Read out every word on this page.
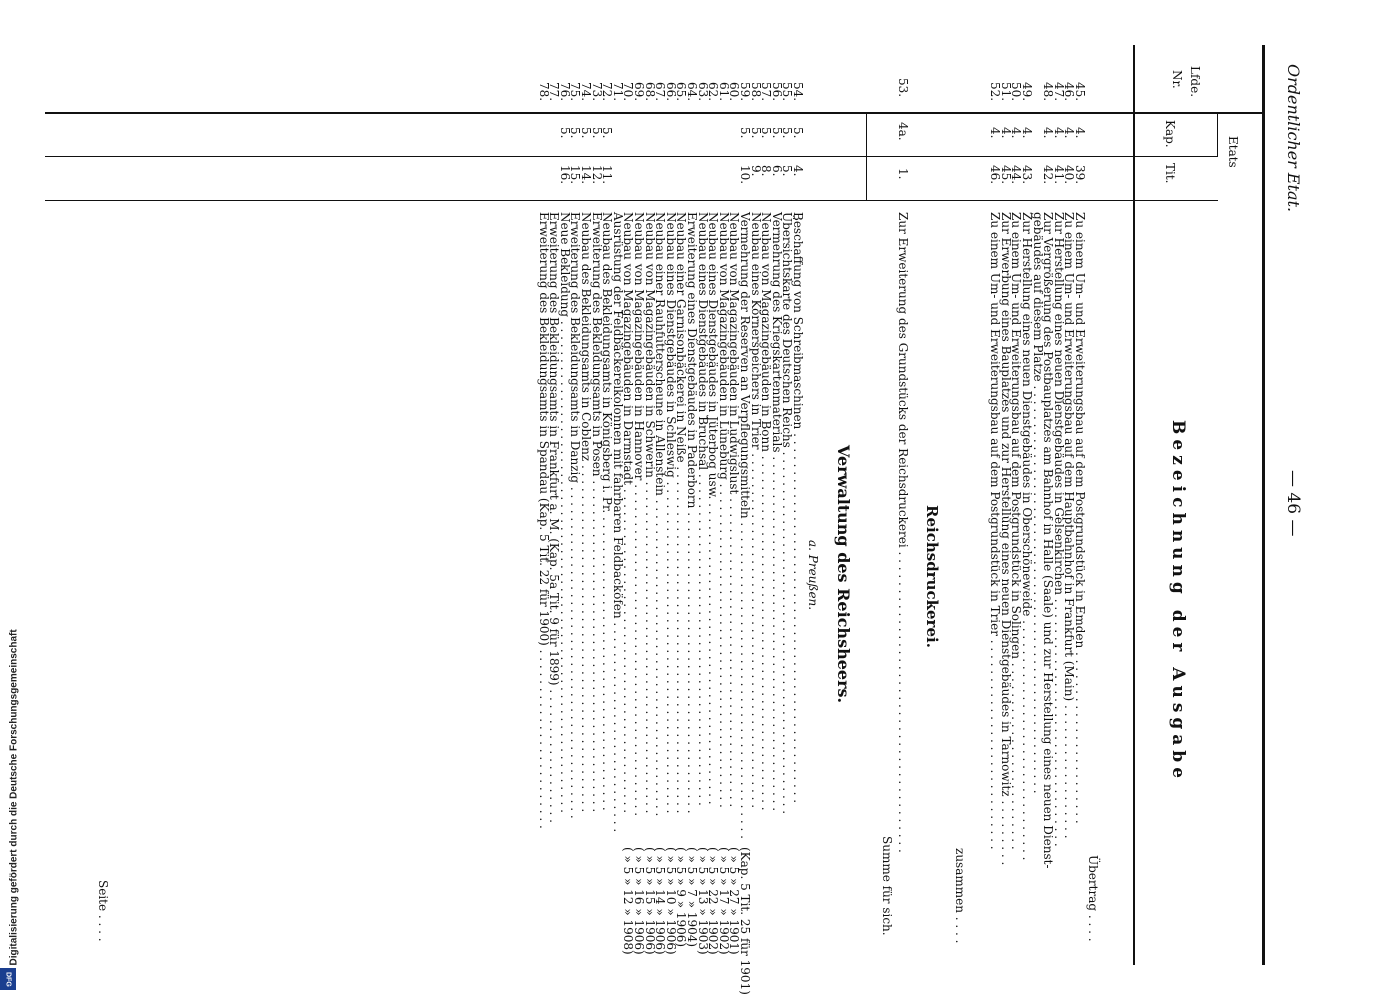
Digitalisierung gefördert durch die Deutsche Forschungsgemeinschaft
DFG
Ordentlicher Etat.
— 46 —
Lfde.
Nr.
Etats
Kap.
Tit.
Bezeichnung der Ausgabe
Übertrag . . . .
45.
46.
47.
48.
49.
50.
51.
52.
4.
4.
4.
4.
4.
4.
4.
4.
39.
40.
41.
42.
43.
44.
45.
46.
Zu einem Um- und Erweiterungsbau auf dem Postgrundstück in Emden . . . . . . . . . . . . . . . . . . . . . . .
Zu einem Um- und Erweiterungsbau auf dem Hauptbahnhof in Frankfurt (Main) . . . . . . . . . . . . . . . . . .
Zur Herstellung eines neuen Dienstgebäudes in Gelsenkirchen . . . . . . . . . . . . . . . . . . . . . . . . . . . . . . . . .
Zur Vergrößerung des Postbauplatzes am Bahnhof in Halle (Saale) und zur Herstellung eines neuen Dienst-
gebäudes auf diesem Platze . . . . . . . . . . . . . . . . . . . . . . . . . . . . . . . . . . . . . . . . . . . . . . . . . . . . . .
Zur Herstellung eines neuen Dienstgebäudes in Oberschöneweide . . . . . . . . . . . . . . . . . . . . . . . . . . . . . . . .
Zu einem Um- und Erweiterungsbau auf dem Postgrundstück in Solingen . . . . . . . . . . . . . . . . . . . . . . . . .
Zur Erwerbung eines Bauplatzes und zur Herstellung eines neuen Dienstgebäudes in Tarnowitz . . . . . . . . .
Zu einem Um- und Erweiterungsbau auf dem Postgrundstück in Trier . . . . . . . . . . . . . . . . . . . . . . . . . . . .
zusammen . . . .
Reichsdruckerei.
53.
4a.
1.
Zur Erweiterung des Grundstücks der Reichsdruckerei . . . . . . . . . . . . . . . . . . . . . . . . . . . . . . . . . . . . . . . .
Summe für sich.
Verwaltung des Reichsheers.
a. Preußen.
54.
55.
56.
57.
58.
59.
60.
61.
62.
63.
64.
65.
66.
67.
68.
69.
70.
71.
72.
73.
74.
75.
76.
77.
78.
5.
5.
5.
5.
5.
5.
5.
5.
5.
5.
5.
4.
5.
6.
8.
9.
10.
11.
12.
14.
15.
16.
Beschaffung von Schreibmaschinen . . . . . . . . . . . . . . . . . . . . . . . . . . . . . . . . . . . . . . . . . . . . . . . . .
Übersichtskarte des Deutschen Reichs . . . . . . . . . . . . . . . . . . . . . . . . . . . . . . . . . . . . . . . . . . . . . . . .
Vermehrung des Kriegskartenmaterials . . . . . . . . . . . . . . . . . . . . . . . . . . . . . . . . . . . . . . . . . . . . . . .
Neubau von Magazingebäuden in Bonn . . . . . . . . . . . . . . . . . . . . . . . . . . . . . . . . . . . . . . . . . . . . . . .
Neubau eines Körnerspeichers in Trier . . . . . . . . . . . . . . . . . . . . . . . . . . . . . . . . . . . . . . . . . . . . . . .
Vermehrung der Reserven an Verpflegungsmitteln . . . . . . . . . . . . . . . . . . . . . . . . . . . . . . . . . . . . . . . . . .
(Kap. 5 Tit. 25 für 1901)
Neubau von Magazingebäuden in Ludwigslust . . . . . . . . . . . . . . . . . . . . . . . . . . . . . . . . . . . . . . . . .
( » 5 » 27 » 1901)
Neubau von Magazingebäuden in Lüneburg . . . . . . . . . . . . . . . . . . . . . . . . . . . . . . . . . . . . . . . . . . .
( » 5 » 17 » 1902)
Neubau eines Dienstgebäudes in Jüterbog usw. . . . . . . . . . . . . . . . . . . . . . . . . . . . . . . . . . . . . . . . .
( » 5 » 22 » 1902)
Neubau eines Dienstgebäudes in Bruchsal . . . . . . . . . . . . . . . . . . . . . . . . . . . . . . . . . . . . . . . . . . . .
( » 5 » 13 » 1903)
Erweiterung eines Dienstgebäudes in Paderborn . . . . . . . . . . . . . . . . . . . . . . . . . . . . . . . . . . . . . . . .
( » 5 » 7 » 1904)
Neubau einer Garnisonbäckerei in Neiße . . . . . . . . . . . . . . . . . . . . . . . . . . . . . . . . . . . . . . . . . . . . . .
( » 5 » 9 » 1906)
Neubau eines Dienstgebäudes in Schleswig . . . . . . . . . . . . . . . . . . . . . . . . . . . . . . . . . . . . . . . . . . . .
( » 5 » 10 » 1906)
Neubau einer Rauhfutterscheune in Allenstein . . . . . . . . . . . . . . . . . . . . . . . . . . . . . . . . . . . . . . . . . .
( » 5 » 14 » 1906)
Neubau von Magazingebäuden in Schwerin . . . . . . . . . . . . . . . . . . . . . . . . . . . . . . . . . . . . . . . . . . . .
( » 5 » 15 » 1906)
Neubau von Magazingebäuden in Hannover . . . . . . . . . . . . . . . . . . . . . . . . . . . . . . . . . . . . . . . . . . . .
( » 5 » 16 » 1906)
Neubau von Magazingebäuden in Darmstadt . . . . . . . . . . . . . . . . . . . . . . . . . . . . . . . . . . . . . . . . . . .
( » 5 » 12 » 1908)
Ausrüstung der Feldbäckereikolonnen mit fahrbaren Feldbacköfen . . . . . . . . . . . . . . . . . . . . . . . . . . . .
Neubau des Bekleidungsamts in Königsberg i. Pr. . . . . . . . . . . . . . . . . . . . . . . . . . . . . . . . . . . . . . . .
Erweiterung des Bekleidungsamts in Posen . . . . . . . . . . . . . . . . . . . . . . . . . . . . . . . . . . . . . . . . . . . .
Neubau des Bekleidungsamts in Coblenz . . . . . . . . . . . . . . . . . . . . . . . . . . . . . . . . . . . . . . . . . . . . . .
Erweiterung des Bekleidungsamts in Danzig . . . . . . . . . . . . . . . . . . . . . . . . . . . . . . . . . . . . . . . . . . . .
Neue Bekleidung . . . . . . . . . . . . . . . . . . . . . . . . . . . . . . . . . . . . . . . . . . . . . . . . . . . . . . . . . . . . . . . . .
Erweiterung des Bekleidungsamts in Frankfurt a. M. (Kap. 5a Tit. 9 für 1899) . . . . . . . . . . . . . . . . . .
Erweiterung des Bekleidungsamts in Spandau (Kap. 5 Tit. 22 für 1900) . . . . . . . . . . . . . . . . . . . . . . . .
Seite . . . .
